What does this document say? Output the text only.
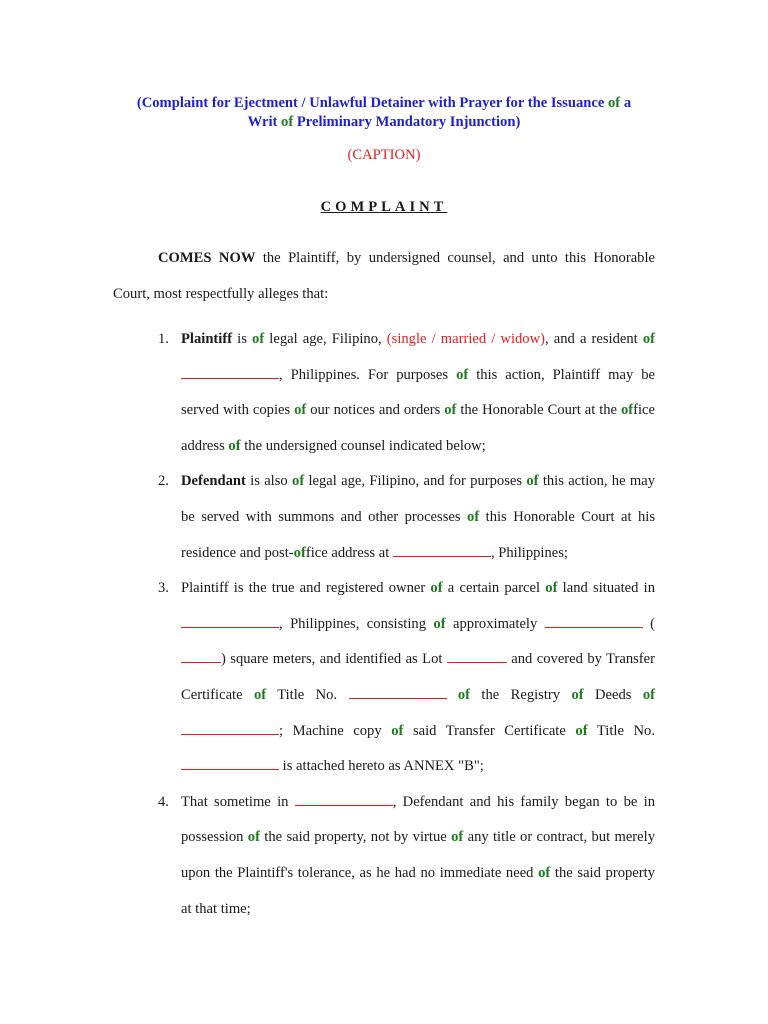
(Complaint for Ejectment / Unlawful Detainer with Prayer for the Issuance of a
Writ of Preliminary Mandatory Injunction)
(CAPTION)
COMPLAINT
COMES NOW the Plaintiff, by undersigned counsel, and unto this Honorable Court, most respectfully alleges that:
1. Plaintiff is of legal age, Filipino, (single / married / widow), and a resident of , Philippines. For purposes of this action, Plaintiff may be served with copies of our notices and orders of the Honorable Court at the office address of the undersigned counsel indicated below;
2. Defendant is also of legal age, Filipino, and for purposes of this action, he may be served with summons and other processes of this Honorable Court at his residence and post-office address at	, Philippines;
3. Plaintiff is the true and registered owner of a certain parcel of land situated in , Philippines, consisting of approximately	() square meters, and identified as Lot	and covered by Transfer Certificate of Title No.	of the Registry of Deeds of ; Machine copy of said Transfer Certificate of Title No.  is attached hereto as ANNEX "B";
4. That sometime in	, Defendant and his family began to be in possession of the said property, not by virtue of any title or contract, but merely upon the Plaintiff's tolerance, as he had no immediate need of the said property at that time;
